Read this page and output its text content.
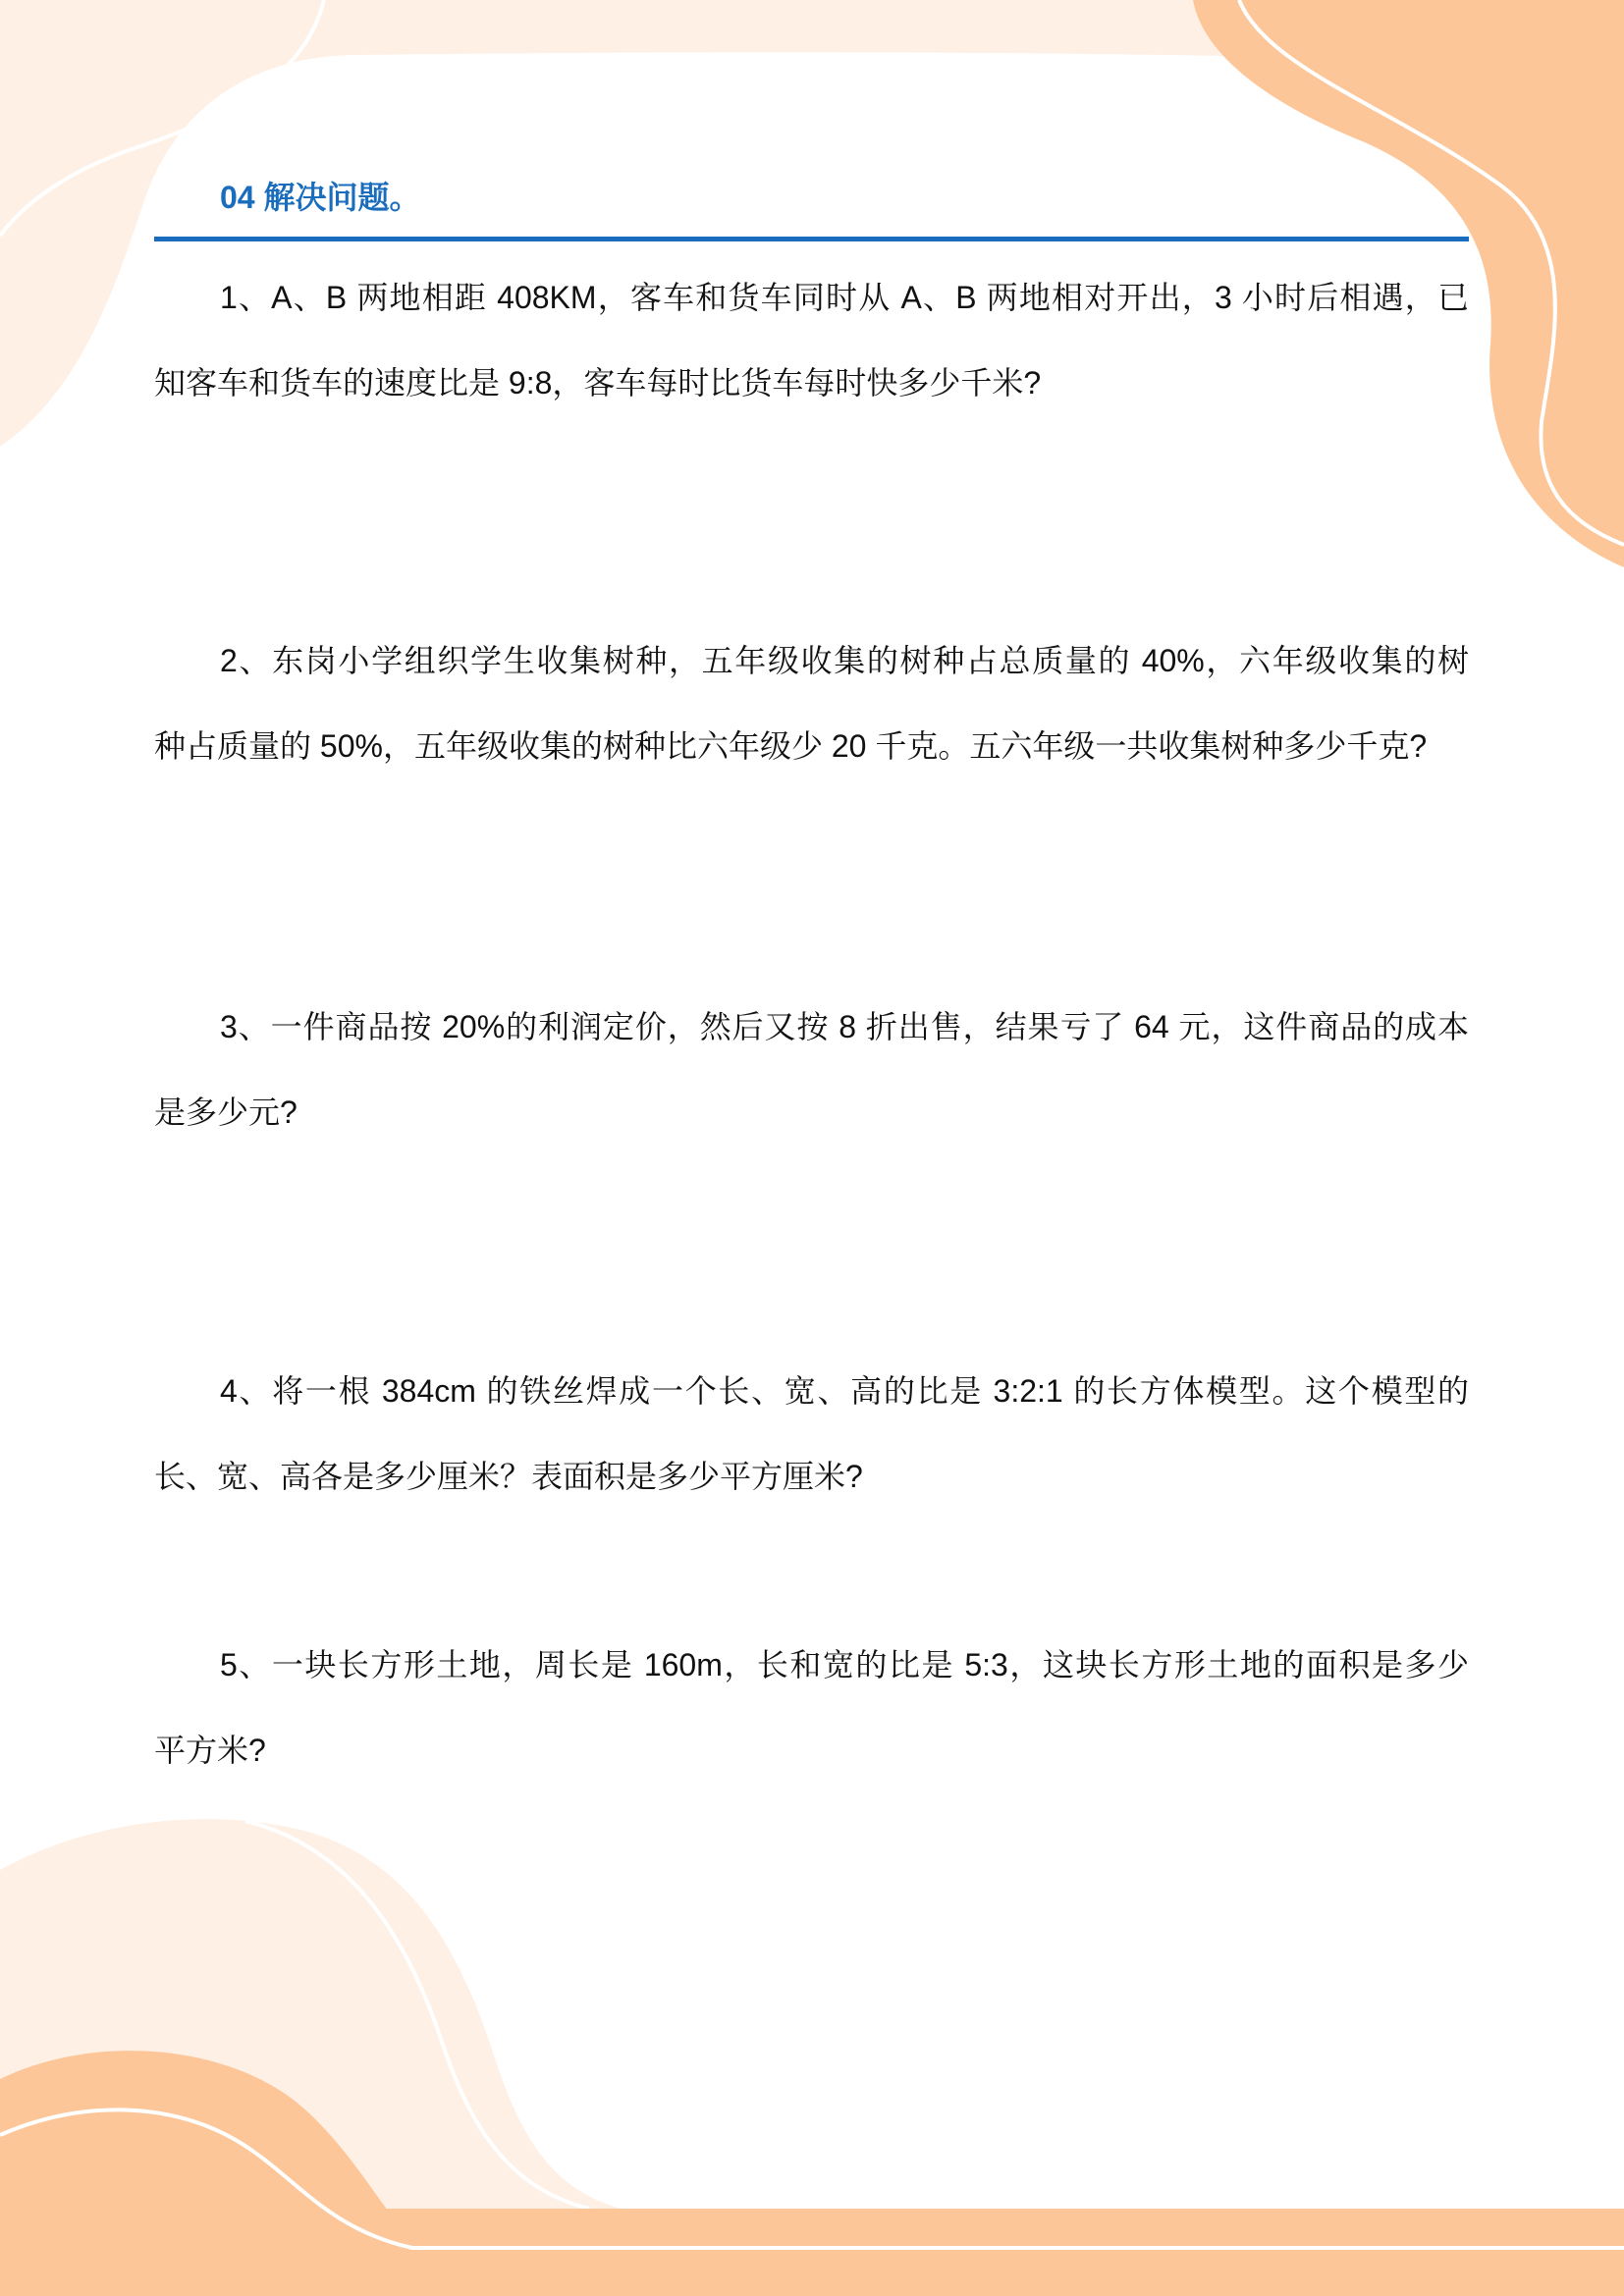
04 解决问题。
1、A、B 两地相距 408KM，客车和货车同时从 A、B 两地相对开出，3 小时后相遇，已
知客车和货车的速度比是 9:8，客车每时比货车每时快多少千米?
2、东岗小学组织学生收集树种，五年级收集的树种占总质量的 40%，六年级收集的树
种占质量的 50%，五年级收集的树种比六年级少 20 千克。五六年级一共收集树种多少千克?
3、一件商品按 20%的利润定价，然后又按 8 折出售，结果亏了 64 元，这件商品的成本
是多少元?
4、将一根 384cm 的铁丝焊成一个长、宽、高的比是 3:2:1 的长方体模型。这个模型的
长、宽、高各是多少厘米？表面积是多少平方厘米?
5、一块长方形土地，周长是 160m，长和宽的比是 5:3，这块长方形土地的面积是多少
平方米?
